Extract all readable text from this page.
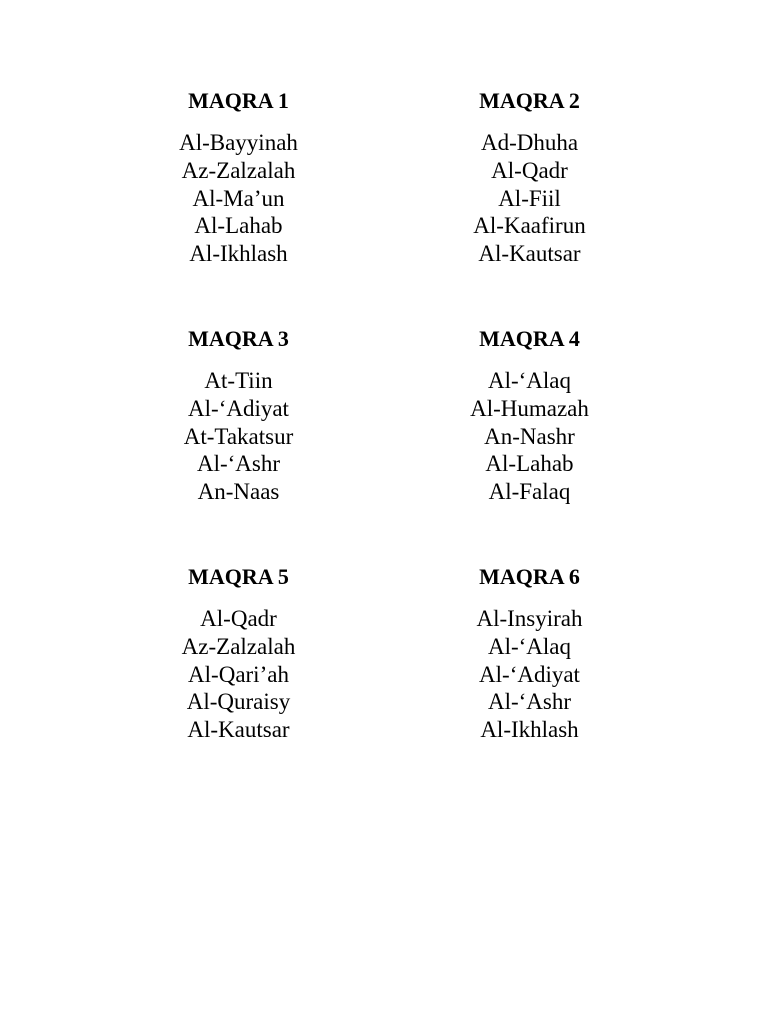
MAQRA 1
Al-Bayyinah
Az-Zalzalah
Al-Ma’un
Al-Lahab
Al-Ikhlash
MAQRA 2
Ad-Dhuha
Al-Qadr
Al-Fiil
Al-Kaafirun
Al-Kautsar
MAQRA 3
At-Tiin
Al-‘Adiyat
At-Takatsur
Al-‘Ashr
An-Naas
MAQRA 4
Al-‘Alaq
Al-Humazah
An-Nashr
Al-Lahab
Al-Falaq
MAQRA 5
Al-Qadr
Az-Zalzalah
Al-Qari’ah
Al-Quraisy
Al-Kautsar
MAQRA 6
Al-Insyirah
Al-‘Alaq
Al-‘Adiyat
Al-‘Ashr
Al-Ikhlash
